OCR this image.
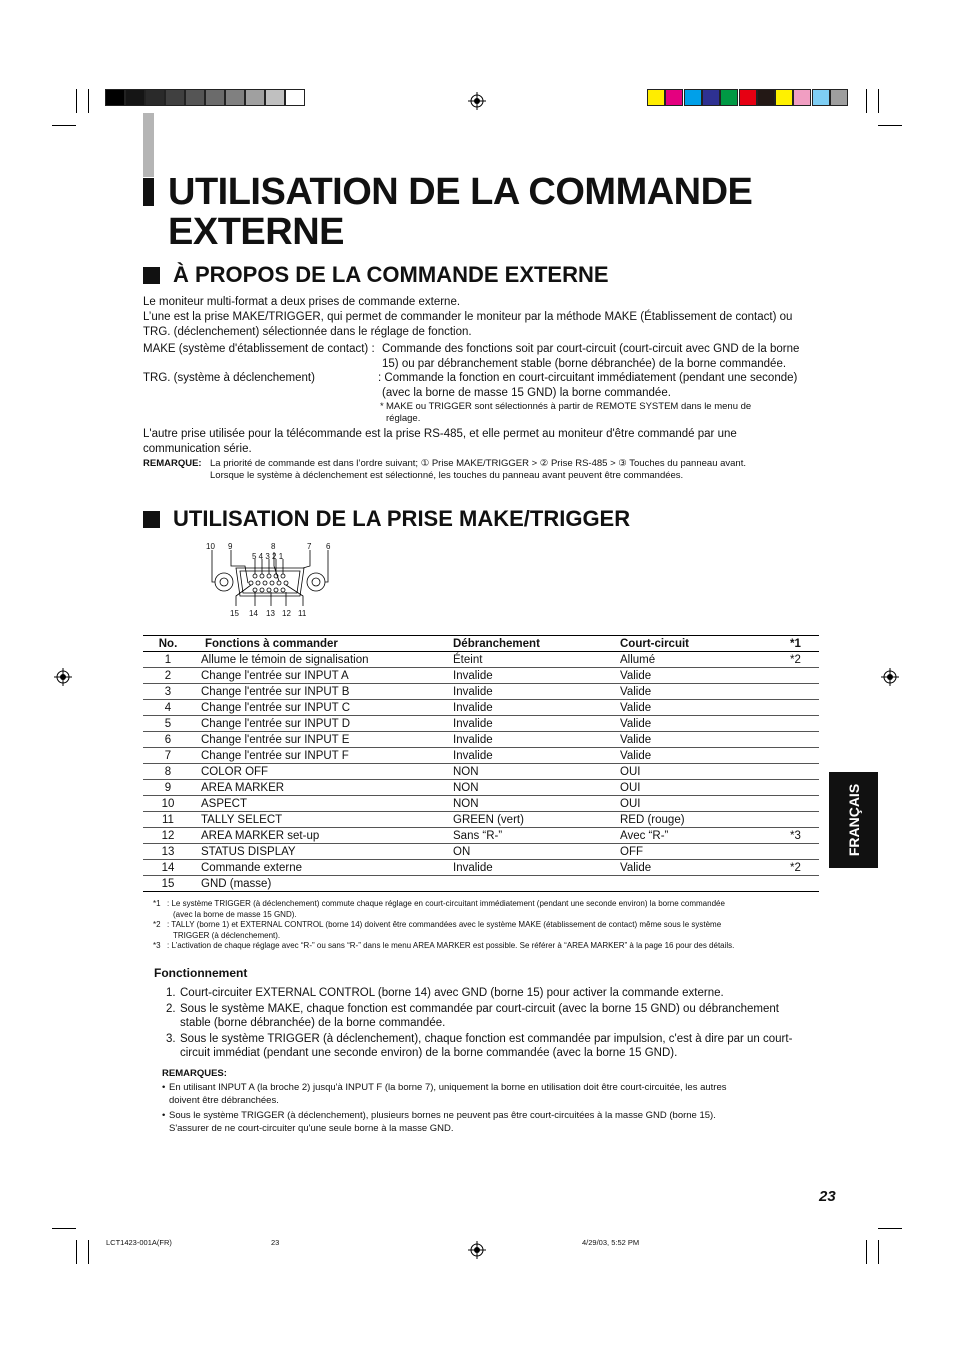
UTILISATION DE LA COMMANDE
EXTERNE
À PROPOS DE LA COMMANDE EXTERNE
Le moniteur multi-format a deux prises de commande externe.
L’une est la prise MAKE/TRIGGER, qui permet de commander le moniteur par la méthode MAKE (Établissement de contact) ou
TRG. (déclenchement) sélectionnée dans le réglage de fonction.
MAKE (système d'établissement de contact) : Commande des fonctions soit par court-circuit (court-circuit avec GND de la borne
15) ou par débranchement stable (borne débranchée) de la borne commandée.
TRG. (système à déclenchement)	: Commande la fonction en court-circuitant immédiatement (pendant une seconde)
(avec la borne de masse 15 GND) la borne commandée.
* MAKE ou TRIGGER sont sélectionnés à partir de REMOTE SYSTEM dans le menu de
réglage.
L'autre prise utilisée pour la télécommande est la prise RS-485, et elle permet au moniteur d'être commandé par une
communication série.
REMARQUE: La priorité de commande est dans l’ordre suivant; ① Prise MAKE/TRIGGER > ② Prise RS-485 > ③ Touches du panneau avant.
Lorsque le système à déclenchement est sélectionné, les touches du panneau avant peuvent être commandées.
UTILISATION DE LA PRISE MAKE/TRIGGER
10 9	8	7 6
5 4 3 2 1
15 14 13 12 11
No.	Fonctions à commander	Débranchement	Court-circuit	*1
1	Allume le témoin de signalisation	Éteint	Allumé	*2
2	Change l'entrée sur INPUT A	Invalide	Valide	
3	Change l'entrée sur INPUT B	Invalide	Valide	
4	Change l'entrée sur INPUT C	Invalide	Valide	
5	Change l'entrée sur INPUT D	Invalide	Valide	
6	Change l'entrée sur INPUT E	Invalide	Valide	
7	Change l'entrée sur INPUT F	Invalide	Valide	
8	COLOR OFF	NON	OUI	
9	AREA MARKER	NON	OUI	
10	ASPECT	NON	OUI	
11	TALLY SELECT	GREEN (vert)	RED (rouge)	
12	AREA MARKER set-up	Sans “R-”	Avec “R-”	*3
13	STATUS DISPLAY	ON	OFF	
14	Commande externe	Invalide	Valide	*2
15	GND (masse)			
*1 : Le système TRIGGER (à déclenchement) commute chaque réglage en court-circuitant immédiatement (pendant une seconde environ) la borne commandée
(avec la borne de masse 15 GND).
*2 : TALLY (borne 1) et EXTERNAL CONTROL (borne 14) doivent être commandées avec le système MAKE (établissement de contact) même sous le système
TRIGGER (à déclenchement).
*3 : L’activation de chaque réglage avec “R-” ou sans “R-” dans le menu AREA MARKER est possible. Se référer à “AREA MARKER” à la page 16 pour des détails.
Fonctionnement
1. Court-circuiter EXTERNAL CONTROL (borne 14) avec GND (borne 15) pour activer la commande externe.
2. Sous le système MAKE, chaque fonction est commandée par court-circuit (avec la borne 15 GND) ou débranchement
stable (borne débranchée) de la borne commandée.
3. Sous le système TRIGGER (à déclenchement), chaque fonction est commandée par impulsion, c'est à dire par un court-
circuit immédiat (pendant une seconde environ) de la borne commandée (avec la borne 15 GND).
REMARQUES:
• En utilisant INPUT A (la broche 2) jusqu'à INPUT F (la borne 7), uniquement la borne en utilisation doit être court-circuitée, les autres
doivent être débranchées.
• Sous le système TRIGGER (à déclenchement), plusieurs bornes ne peuvent pas être court-circuitées à la masse GND (borne 15).
S'assurer de ne court-circuiter qu'une seule borne à la masse GND.
FRANÇAIS
23
LCT1423-001A(FR)	23	4/29/03, 5:52 PM
